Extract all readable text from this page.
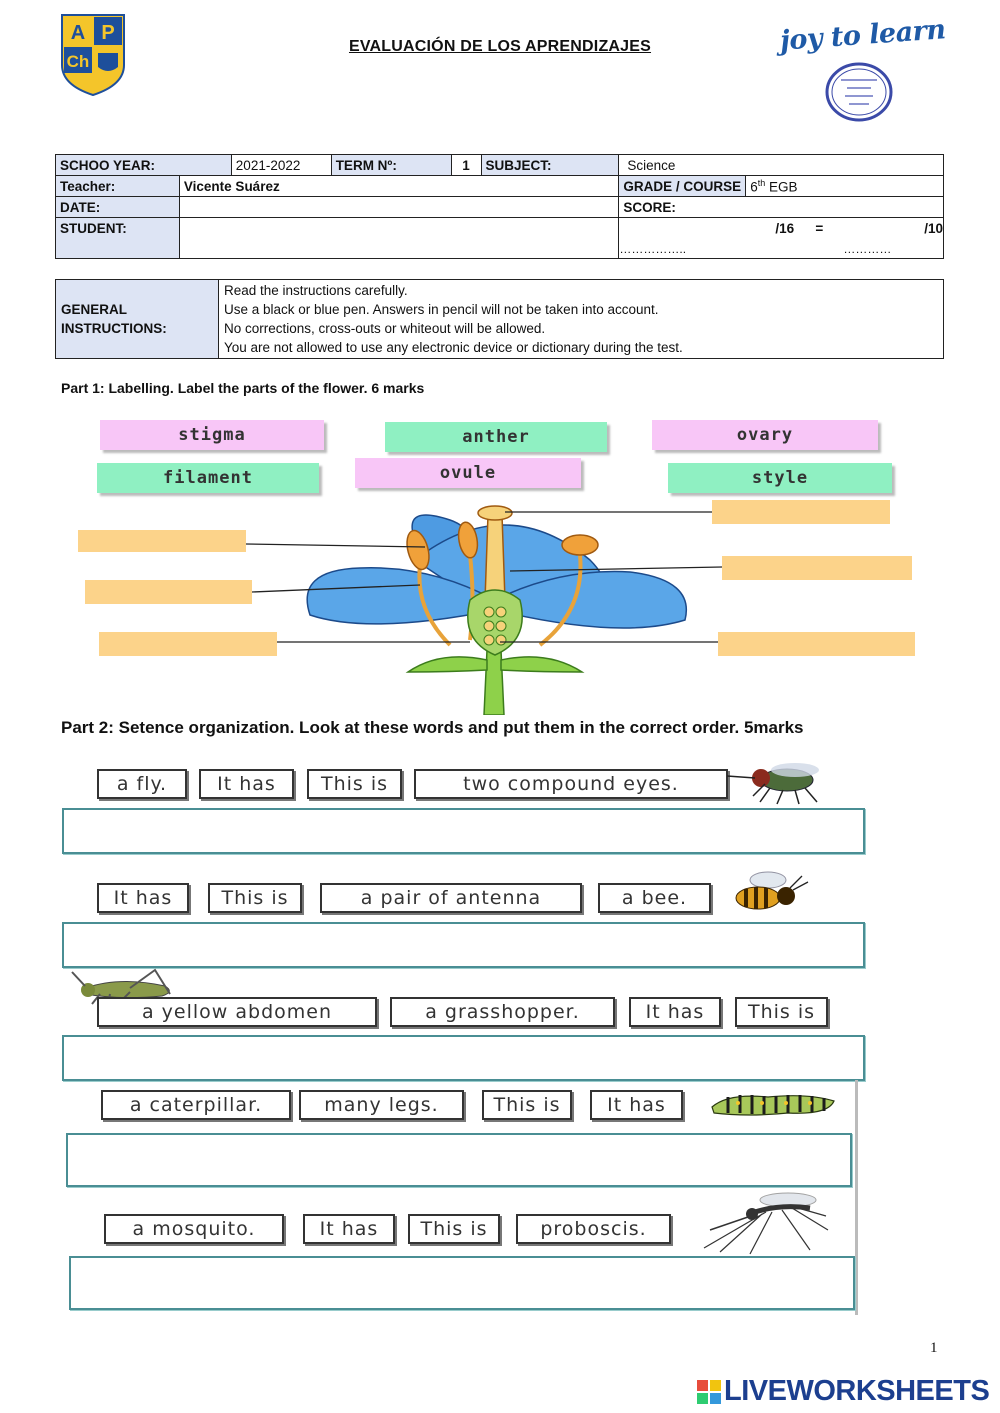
A P
Ch
EVALUACIÓN DE LOS APRENDIZAJES	joy to learn
SCHOO YEAR:		2021-2022	TERM Nº:	1	SUBJECT:	Science	
Teacher:	Vicente Suárez					GRADE / COURSE	6th EGB
DATE:						SCORE:	
STUDENT:						/16 = /10
…………….. …………	
GENERAL INSTRUCTIONS:	
Read the instructions carefully.
Use a black or blue pen. Answers in pencil will not be taken into account.
No corrections, cross-outs or whiteout will be allowed.
You are not allowed to use any electronic device or dictionary during the test.
Part 1: Labelling. Label the parts of the flower. 6 marks
stigma	anther	ovary
filament	ovule	style
Part 2: Setence organization. Look at these words and put them in the correct order. 5marks
a fly.	It has	This is	two compound eyes.
It has	This is	a pair of antenna	a bee.
a yellow abdomen	a grasshopper.	It has	This is
a caterpillar.	many legs.	This is	It has
a mosquito.	It has	This is	proboscis.
1
LIVEWORKSHEETS
